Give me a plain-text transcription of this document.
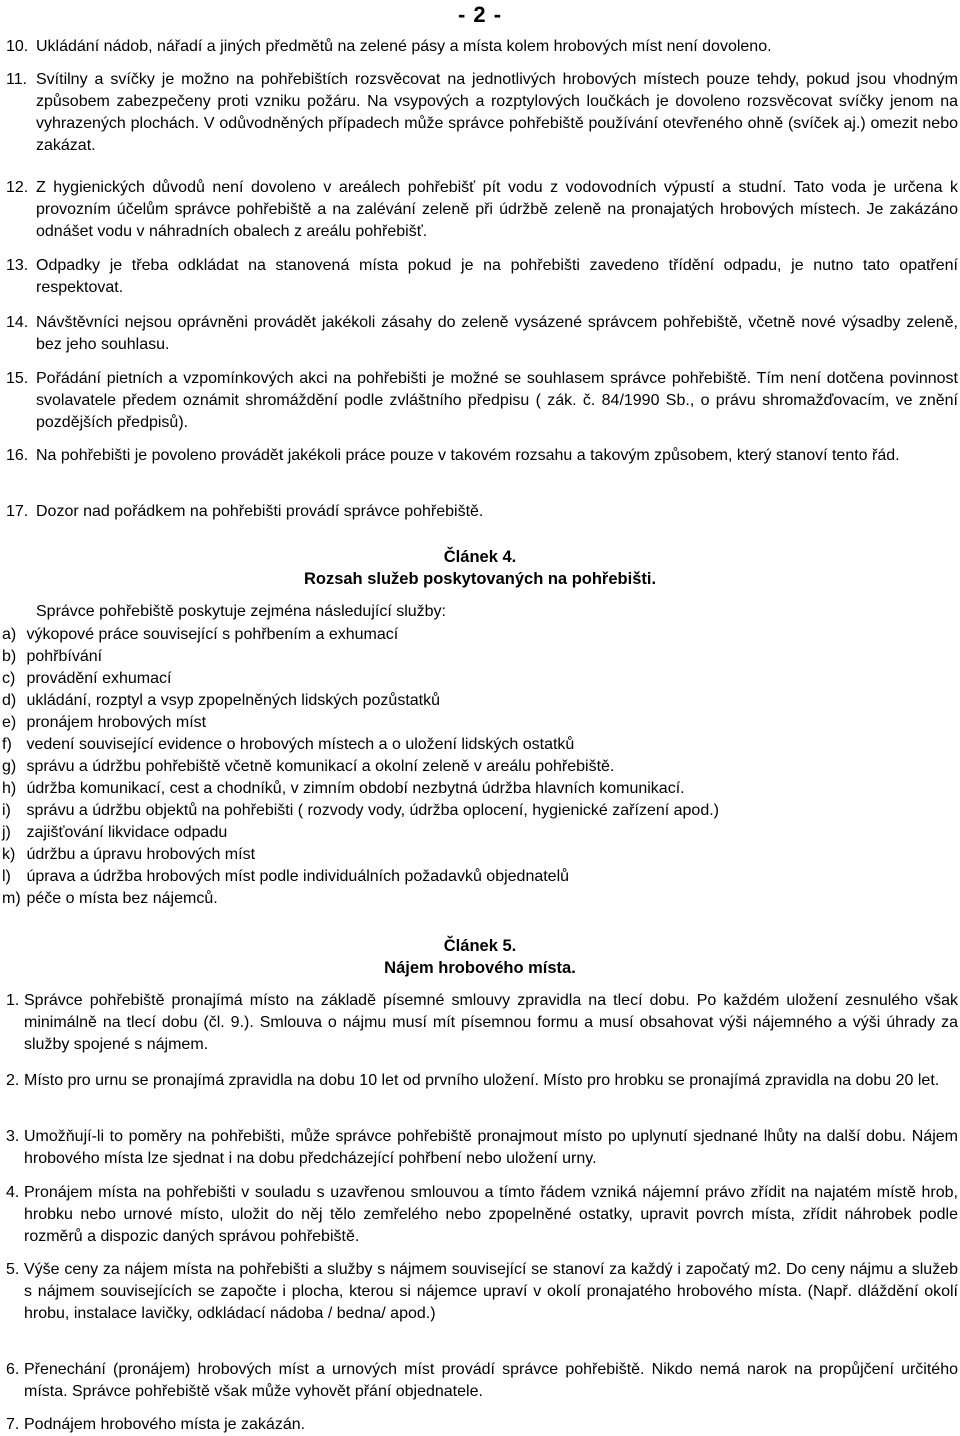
- 2 -
10. Ukládání nádob, nářadí a jiných předmětů na zelené pásy a místa kolem hrobových míst není dovoleno.
11. Svítilny a svíčky je možno na pohřebištích rozsvěcovat na jednotlivých hrobových místech pouze tehdy, pokud jsou vhodným způsobem zabezpečeny proti vzniku požáru. Na vsypových a rozptylových loučkách je dovoleno rozsvěcovat svíčky jenom na vyhrazených plochách. V odůvodněných případech může správce pohřebiště používání otevřeného ohně (svíček aj.) omezit nebo zakázat.
12. Z hygienických důvodů není dovoleno v areálech pohřebišť pít vodu z vodovodních výpustí a studní. Tato voda je určena k provozním účelům správce pohřebiště a na zalévání zeleně při údržbě zeleně na pronajatých hrobových místech. Je zakázáno odnášet vodu v náhradních obalech z areálu pohřebišť.
13. Odpadky je třeba odkládat na stanovená místa pokud je na pohřebišti zavedeno třídění odpadu, je nutno tato opatření respektovat.
14. Návštěvníci nejsou oprávněni provádět jakékoli zásahy do zeleně vysázené správcem pohřebiště, včetně nové výsadby zeleně, bez jeho souhlasu.
15. Pořádání pietních a vzpomínkových akci na pohřebišti je možné se souhlasem správce pohřebiště. Tím není dotčena povinnost svolavatele předem oznámit shromáždění podle zvláštního předpisu ( zák. č. 84/1990 Sb., o právu shromažďovacím, ve znění pozdějších předpisů).
16. Na pohřebišti je povoleno provádět jakékoli práce pouze v takovém rozsahu a takovým způsobem, který stanoví tento řád.
17. Dozor nad pořádkem na pohřebišti provádí správce pohřebiště.
Článek 4.
Rozsah služeb poskytovaných na pohřebišti.
Správce pohřebiště poskytuje zejména následující služby:
a) výkopové práce související s pohřbením a exhumací
b) pohřbívání
c) provádění exhumací
d) ukládání, rozptyl a vsyp zpopelněných lidských pozůstatků
e) pronájem hrobových míst
f) vedení související evidence o hrobových místech a o uložení lidských ostatků
g) správu a údržbu pohřebiště včetně komunikací a okolní zeleně v areálu pohřebiště.
h) údržba komunikací, cest a chodníků, v zimním období nezbytná údržba hlavních komunikací.
i) správu a údržbu objektů na pohřebišti ( rozvody vody, údržba oplocení, hygienické zařízení apod.)
j) zajišťování likvidace odpadu
k) údržbu a úpravu hrobových míst
l) úprava a údržba hrobových míst podle individuálních požadavků objednatelů
m) péče o místa bez nájemců.
Článek 5.
Nájem hrobového místa.
1. Správce pohřebiště pronajímá místo na základě písemné smlouvy zpravidla na tlecí dobu. Po každém uložení zesnulého však minimálně na tlecí dobu (čl. 9.). Smlouva o nájmu musí mít písemnou formu a musí obsahovat výši nájemného a výši úhrady za služby spojené s nájmem.
2. Místo pro urnu se pronajímá zpravidla na dobu 10 let od prvního uložení. Místo pro hrobku se pronajímá zpravidla na dobu 20 let.
3. Umožňují-li to poměry na pohřebišti, může správce pohřebiště pronajmout místo po uplynutí sjednané lhůty na další dobu. Nájem hrobového místa lze sjednat i na dobu předcházející pohřbení nebo uložení urny.
4. Pronájem místa na pohřebišti v souladu s uzavřenou smlouvou a tímto řádem vzniká nájemní právo zřídit na najatém místě hrob, hrobku nebo urnové místo, uložit do něj tělo zemřelého nebo zpopelněné ostatky, upravit povrch místa, zřídit náhrobek podle rozměrů a dispozic daných správou pohřebiště.
5. Výše ceny za nájem místa na pohřebišti a služby s nájmem související se stanoví za každý i započatý m2. Do ceny nájmu a služeb s nájmem souvisejících se započte i plocha, kterou si nájemce upraví v okolí pronajatého hrobového místa. (Např. dláždění okolí hrobu, instalace lavičky, odkládací nádoba / bedna/ apod.)
6. Přenechání (pronájem) hrobových míst a urnových míst provádí správce pohřebiště. Nikdo nemá narok na propůjčení určitého místa. Správce pohřebiště však může vyhovět přání objednatele.
7. Podnájem hrobového místa je zakázán.
